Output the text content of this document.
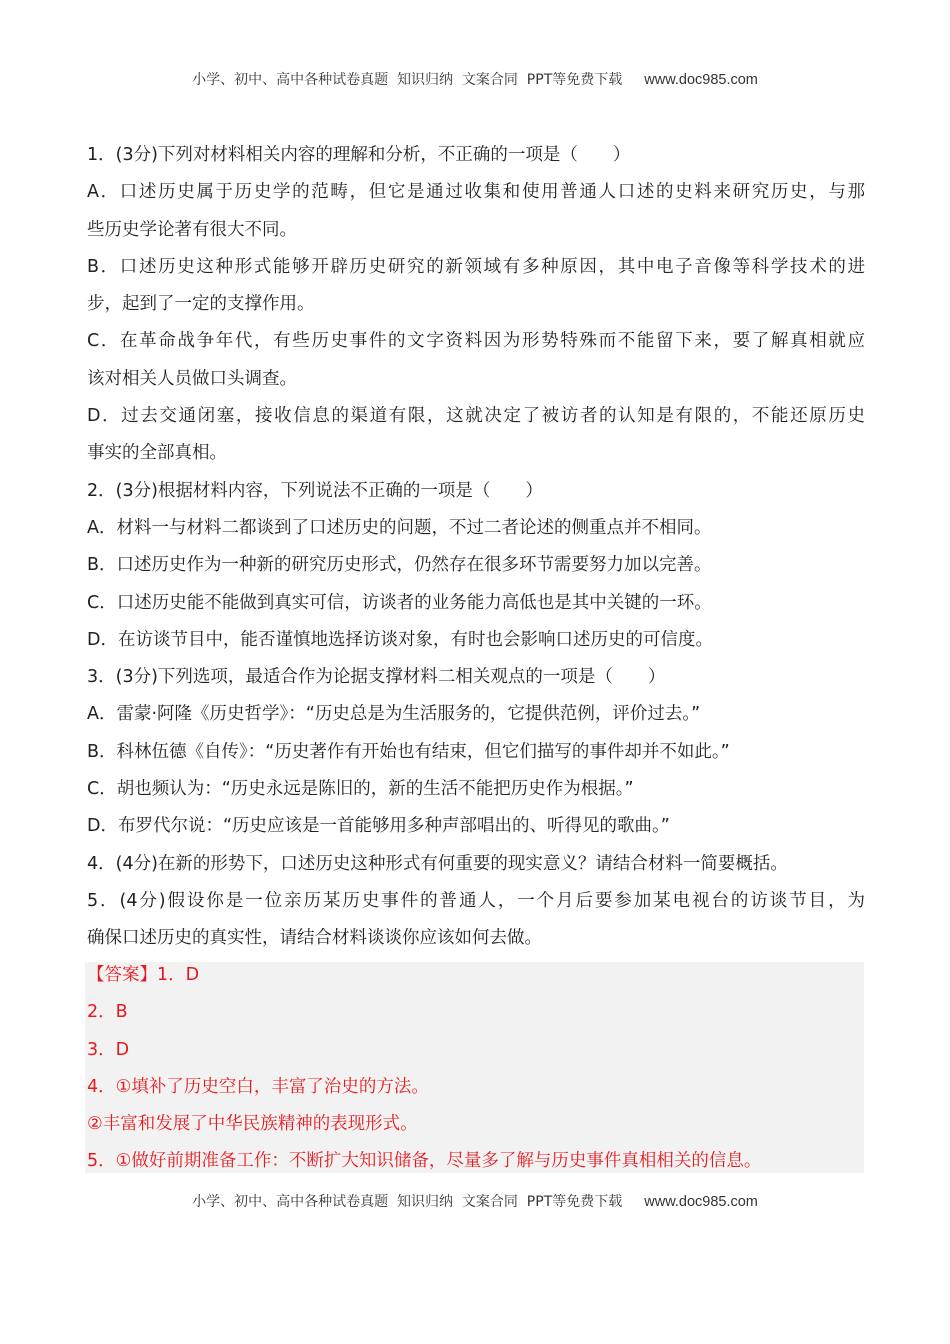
小学、初中、高中各种试卷真题  知识归纳  文案合同  PPT等免费下载 www.doc985.com
1．(3分)下列对材料相关内容的理解和分析，不正确的一项是（　　）
A．口述历史属于历史学的范畴，但它是通过收集和使用普通人口述的史料来研究历史，与那
些历史学论著有很大不同。
B．口述历史这种形式能够开辟历史研究的新领域有多种原因，其中电子音像等科学技术的进
步，起到了一定的支撑作用。
C．在革命战争年代，有些历史事件的文字资料因为形势特殊而不能留下来，要了解真相就应
该对相关人员做口头调查。
D．过去交通闭塞，接收信息的渠道有限，这就决定了被访者的认知是有限的，不能还原历史
事实的全部真相。
2．(3分)根据材料内容，下列说法不正确的一项是（　　）
A．材料一与材料二都谈到了口述历史的问题，不过二者论述的侧重点并不相同。
B．口述历史作为一种新的研究历史形式，仍然存在很多环节需要努力加以完善。
C．口述历史能不能做到真实可信，访谈者的业务能力高低也是其中关键的一环。
D．在访谈节目中，能否谨慎地选择访谈对象，有时也会影响口述历史的可信度。
3．(3分)下列选项，最适合作为论据支撑材料二相关观点的一项是（　　）
A．雷蒙·阿隆《历史哲学》：“历史总是为生活服务的，它提供范例，评价过去。”
B．科林伍德《自传》：“历史著作有开始也有结束，但它们描写的事件却并不如此。”
C．胡也频认为：“历史永远是陈旧的，新的生活不能把历史作为根据。”
D．布罗代尔说：“历史应该是一首能够用多种声部唱出的、听得见的歌曲。”
4．(4分)在新的形势下，口述历史这种形式有何重要的现实意义？请结合材料一简要概括。
5．(4分)假设你是一位亲历某历史事件的普通人，一个月后要参加某电视台的访谈节目，为
确保口述历史的真实性，请结合材料谈谈你应该如何去做。
【答案】1．D
2．B
3．D
4．①填补了历史空白，丰富了治史的方法。
②丰富和发展了中华民族精神的表现形式。
5．①做好前期准备工作：不断扩大知识储备，尽量多了解与历史事件真相相关的信息。
小学、初中、高中各种试卷真题  知识归纳  文案合同  PPT等免费下载 www.doc985.com
